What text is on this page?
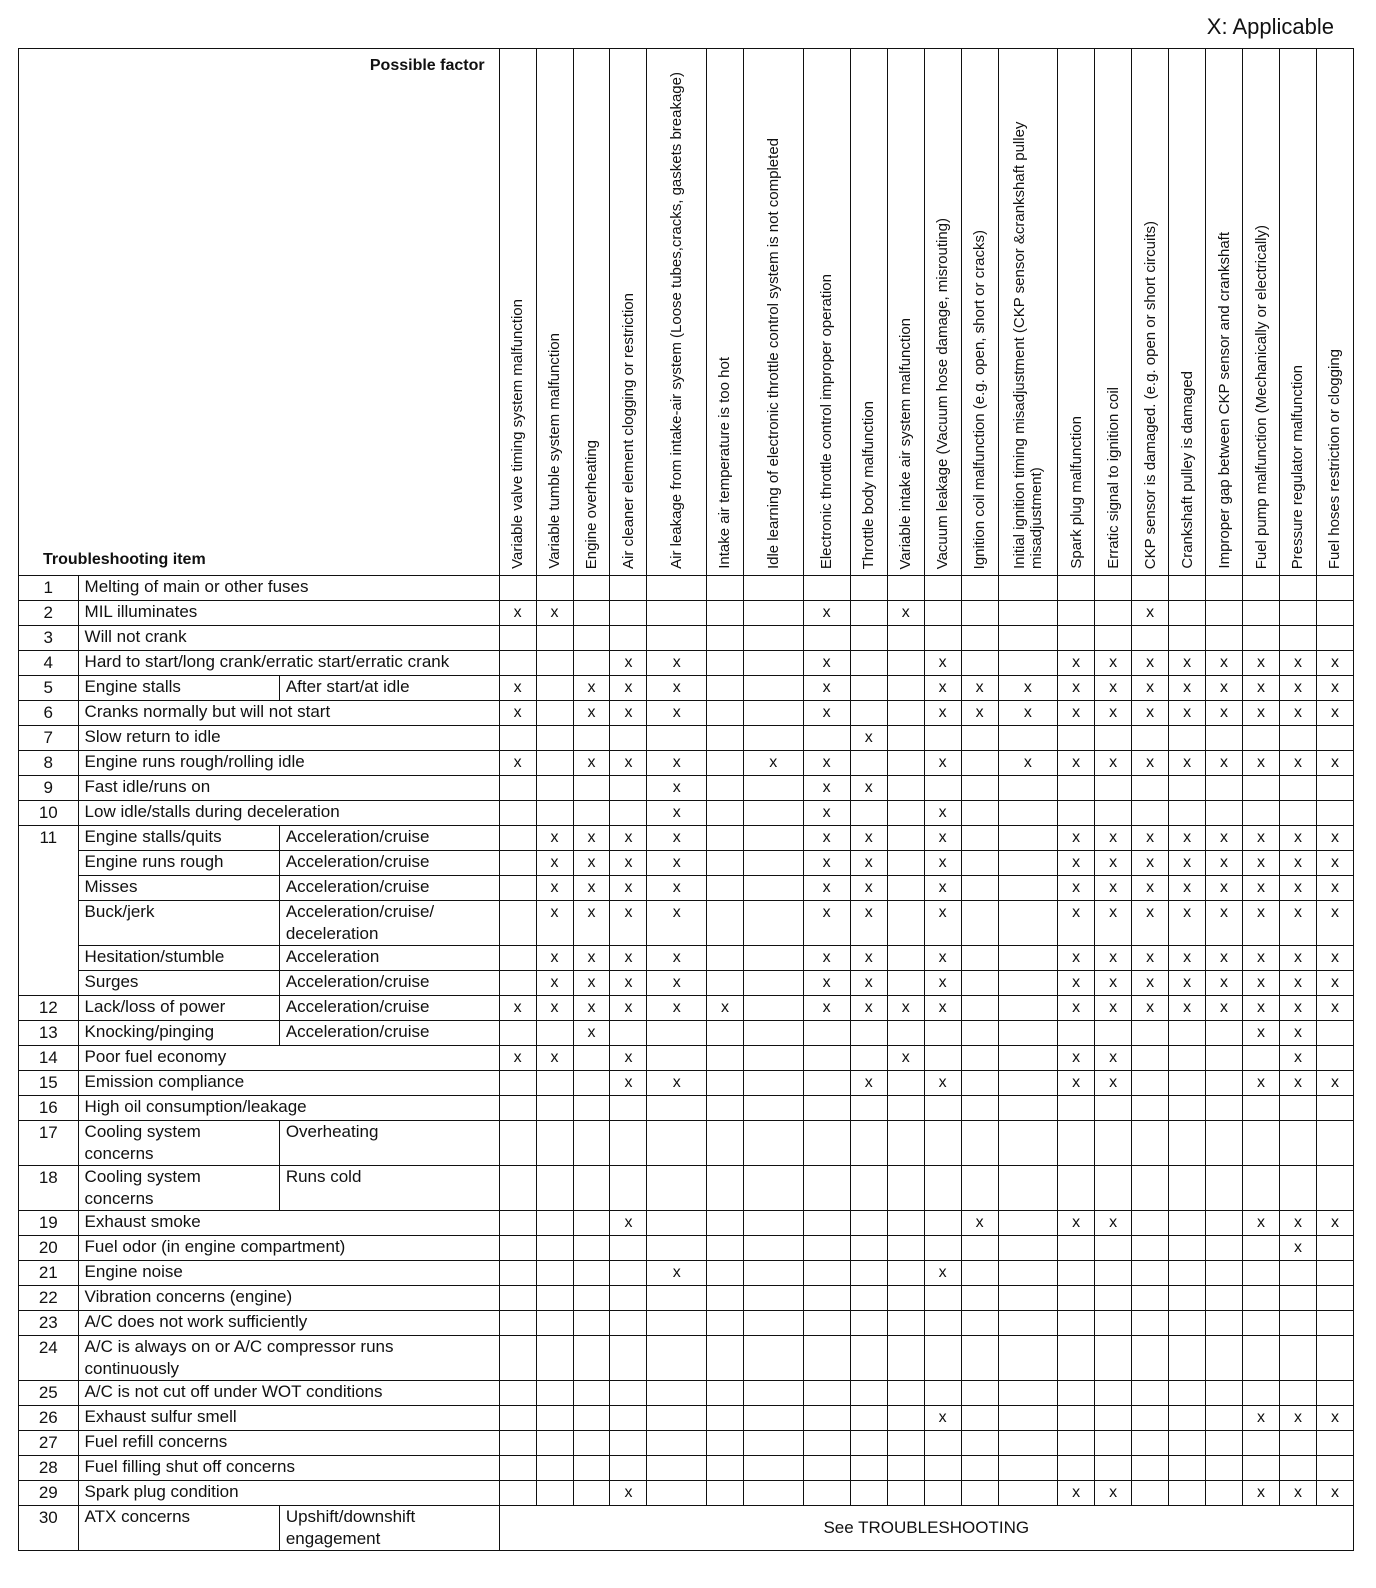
X: Applicable
Possible factor
Troubleshooting item			Variable valve timing system malfunction	Variable tumble system malfunction	Engine overheating	Air cleaner element clogging or restriction	Air leakage from intake-air system (Loose tubes,cracks, gaskets breakage)	Intake air temperature is too hot	Idle learning of electronic throttle control system is not completed	Electronic throttle control improper operation	Throttle body malfunction	Variable intake air system malfunction	Vacuum leakage (Vacuum hose damage, misrouting)	Ignition coil malfunction (e.g. open, short or cracks)	Initial ignition timing misadjustment (CKP sensor &crankshaft pulley misadjustment)	Spark plug malfunction	Erratic signal to ignition coil	CKP sensor is damaged. (e.g. open or short circuits)	Crankshaft pulley is damaged	Improper gap between CKP sensor and crankshaft	Fuel pump malfunction (Mechanically or electrically)	Pressure regulator malfunction	Fuel hoses restriction or clogging

1	Melting of main or other fuses																						
2	MIL illuminates		x	x						x		x						x					
3	Will not crank																						
4	Hard to start/long crank/erratic start/erratic crank					x	x			x			x			x	x	x	x	x	x	x	x
5	Engine stalls	After start/at idle	x		x	x	x			x			x	x	x	x	x	x	x	x	x	x	x
6	Cranks normally but will not start		x		x	x	x			x			x	x	x	x	x	x	x	x	x	x	x
7	Slow return to idle										x												
8	Engine runs rough/rolling idle		x		x	x	x		x	x			x		x	x	x	x	x	x	x	x	x
9	Fast idle/runs on						x			x	x												
10	Low idle/stalls during deceleration						x			x			x										
11	Engine stalls/quits	Acceleration/cruise		x	x	x	x			x	x		x			x	x	x	x	x	x	x	x
	Engine runs rough	Acceleration/cruise		x	x	x	x			x	x		x			x	x	x	x	x	x	x	x
	Misses	Acceleration/cruise		x	x	x	x			x	x		x			x	x	x	x	x	x	x	x
	Buck/jerk	Acceleration/cruise/ deceleration		x	x	x	x			x	x		x			x	x	x	x	x	x	x	x
	Hesitation/stumble	Acceleration		x	x	x	x			x	x		x			x	x	x	x	x	x	x	x
	Surges	Acceleration/cruise		x	x	x	x			x	x		x			x	x	x	x	x	x	x	x
12	Lack/loss of power	Acceleration/cruise	x	x	x	x	x	x		x	x	x	x			x	x	x	x	x	x	x	x
13	Knocking/pinging	Acceleration/cruise			x																x	x	
14	Poor fuel economy		x	x		x						x				x	x					x	
15	Emission compliance					x	x				x		x			x	x				x	x	x
16	High oil consumption/leakage																						
17	Cooling system concerns	Overheating																					
18	Cooling system concerns	Runs cold																					
19	Exhaust smoke					x								x		x	x				x	x	x
20	Fuel odor (in engine compartment)																					x	
21	Engine noise						x						x										
22	Vibration concerns (engine)																						
23	A/C does not work sufficiently																						
24	A/C is always on or A/C compressor runs continuously																						
25	A/C is not cut off under WOT conditions																						
26	Exhaust sulfur smell												x								x	x	x
27	Fuel refill concerns																						
28	Fuel filling shut off concerns																						
29	Spark plug condition					x										x	x				x	x	x
30	ATX concerns	Upshift/downshift engagement	See TROUBLESHOOTING																				
